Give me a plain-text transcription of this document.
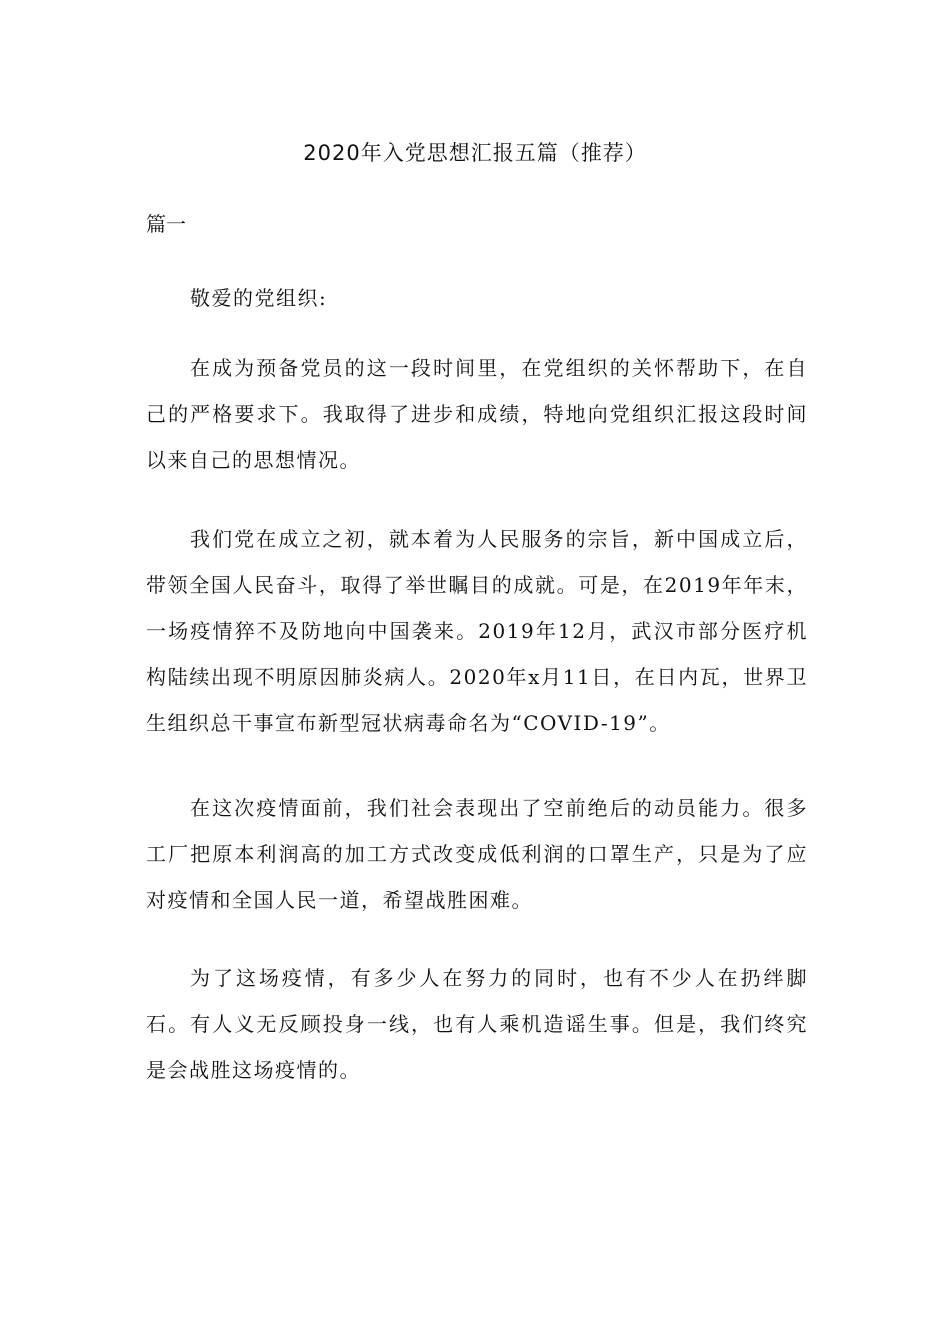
2020年入党思想汇报五篇（推荐）
篇一

敬爱的党组织:

在成为预备党员的这一段时间里，在党组织的关怀帮助下，在自己的严格要求下。我取得了进步和成绩，特地向党组织汇报这段时间以来自己的思想情况。

我们党在成立之初，就本着为人民服务的宗旨，新中国成立后，带领全国人民奋斗，取得了举世瞩目的成就。可是，在2019年年末，一场疫情猝不及防地向中国袭来。2019年12月，武汉市部分医疗机构陆续出现不明原因肺炎病人。2020年x月11日，在日内瓦，世界卫生组织总干事宣布新型冠状病毒命名为“COVID-19”。

在这次疫情面前，我们社会表现出了空前绝后的动员能力。很多工厂把原本利润高的加工方式改变成低利润的口罩生产，只是为了应对疫情和全国人民一道，希望战胜困难。

为了这场疫情，有多少人在努力的同时，也有不少人在扔绊脚石。有人义无反顾投身一线，也有人乘机造谣生事。但是，我们终究是会战胜这场疫情的。
